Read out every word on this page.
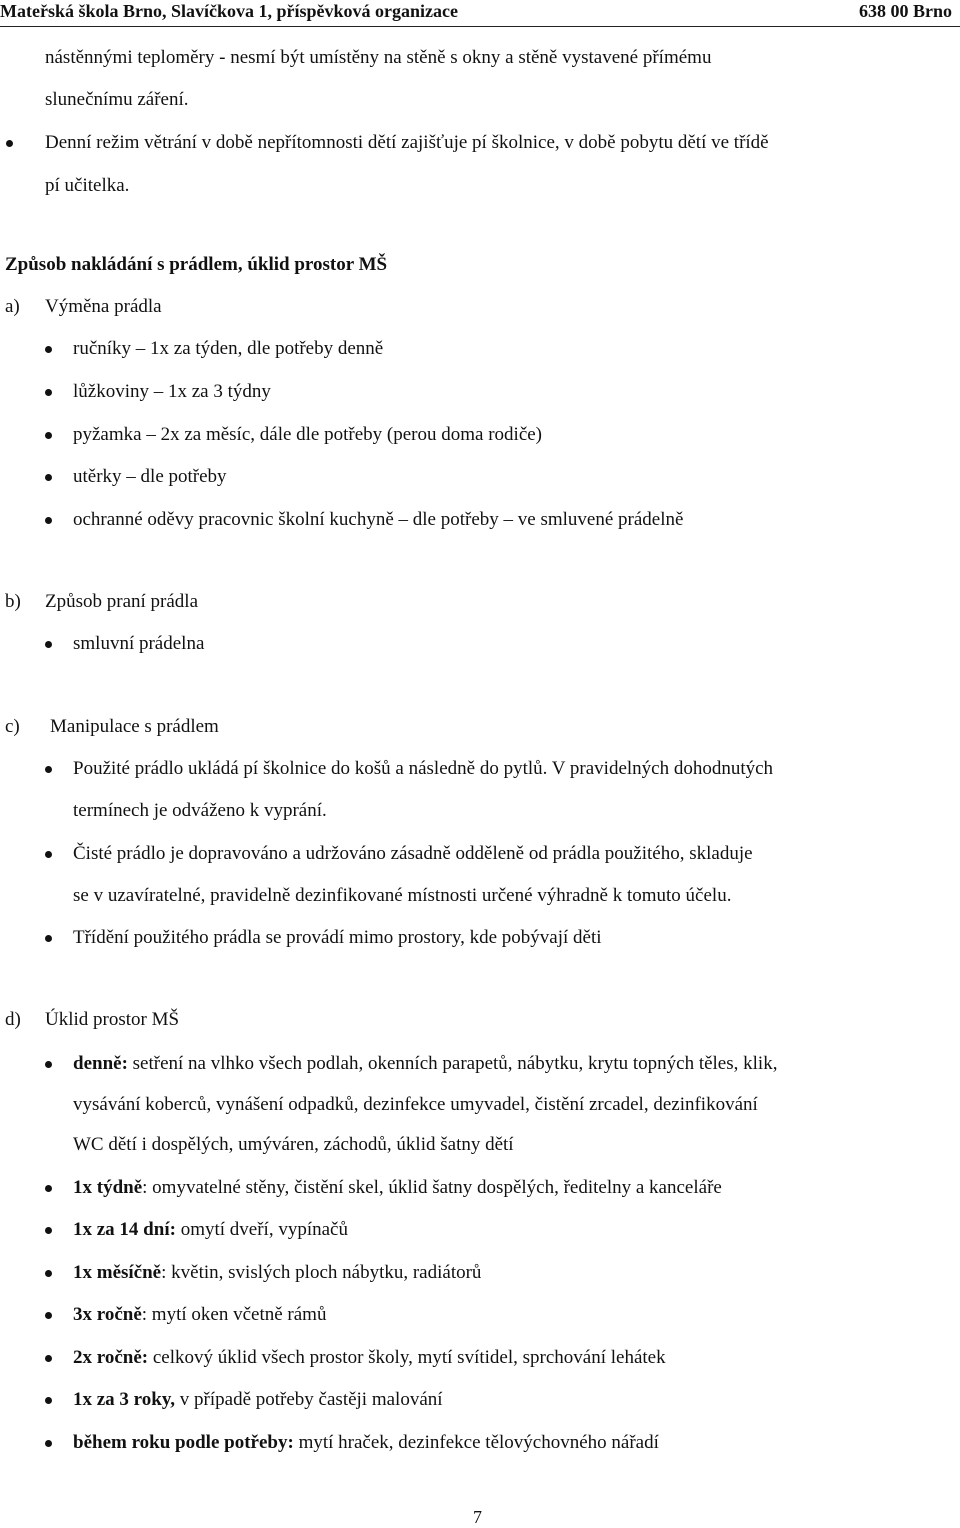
Mateřská škola Brno, Slavíčkova 1, příspěvková organizace	638 00 Brno
nástěnnými teploměry - nesmí být umístěny na stěně s okny a stěně vystavené přímému
slunečnímu záření.
Denní režim větrání v době nepřítomnosti dětí zajišťuje pí školnice, v době pobytu dětí ve třídě
pí učitelka.
Způsob nakládání s prádlem, úklid prostor MŠ
a) Výměna prádla
ručníky – 1x za týden, dle potřeby denně
lůžkoviny – 1x za 3 týdny
pyžamka – 2x za měsíc, dále dle potřeby (perou doma rodiče)
utěrky – dle potřeby
ochranné oděvy pracovnic školní kuchyně – dle potřeby – ve smluvené prádelně
b) Způsob praní prádla
smluvní prádelna
c) Manipulace s prádlem
Použité prádlo ukládá pí školnice do košů a následně do pytlů. V pravidelných dohodnutých
termínech je odváženo k vyprání.
Čisté prádlo je dopravováno a udržováno zásadně odděleně od prádla použitého, skladuje
se v uzavíratelné, pravidelně dezinfikované místnosti určené výhradně k tomuto účelu.
Třídění použitého prádla se provádí mimo prostory, kde pobývají děti
d) Úklid prostor MŠ
denně: setření na vlhko všech podlah, okenních parapetů, nábytku, krytu topných těles, klik,
vysávání koberců, vynášení odpadků, dezinfekce umyvadel, čistění zrcadel, dezinfikování
WC dětí i dospělých, umýváren, záchodů, úklid šatny dětí
1x týdně: omyvatelné stěny, čistění skel, úklid šatny dospělých, ředitelny a kanceláře
1x za 14 dní: omytí dveří, vypínačů
1x měsíčně: květin, svislých ploch nábytku, radiátorů
3x ročně: mytí oken včetně rámů
2x ročně: celkový úklid všech prostor školy, mytí svítidel, sprchování lehátek
1x za 3 roky, v případě potřeby častěji malování
během roku podle potřeby: mytí hraček, dezinfekce tělovýchovného nářadí
7
